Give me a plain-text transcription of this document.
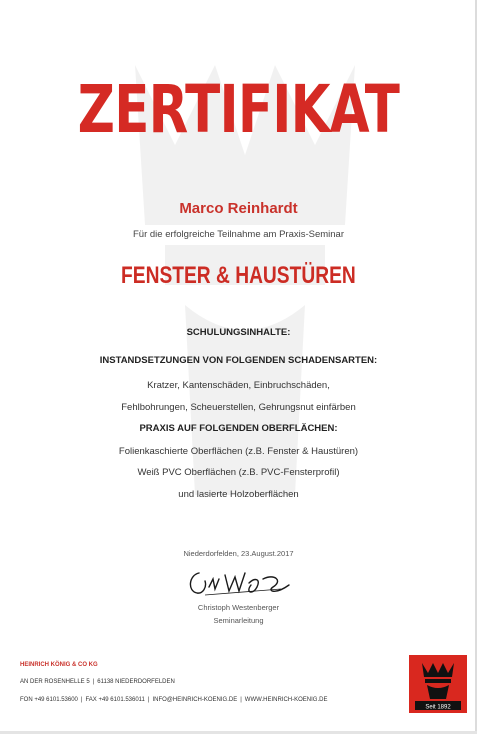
ZERTIFIKAT
Marco Reinhardt
Für die erfolgreiche Teilnahme am Praxis-Seminar
FENSTER & HAUSTÜREN
SCHULUNGSINHALTE:
INSTANDSETZUNGEN VON FOLGENDEN SCHADENSARTEN:
Kratzer, Kantenschäden, Einbruchschäden,
Fehlbohrungen, Scheuerstellen, Gehrungsnut einfärben
PRAXIS AUF FOLGENDEN OBERFLÄCHEN:
Folienkaschierte Oberflächen (z.B. Fenster & Haustüren)
Weiß PVC Oberflächen (z.B. PVC-Fensterprofil)
und lasierte Holzoberflächen
Niederdorfelden, 23.August.2017
Christoph Westenberger
Seminarleitung
HEINRICH KÖNIG & CO KG
AN DER ROSENHELLE 5 | 61138 NIEDERDORFELDEN
FON +49 6101.53600 | FAX +49 6101.536011 | INFO@HEINRICH-KOENIG.DE | WWW.HEINRICH-KOENIG.DE
Seit 1892
